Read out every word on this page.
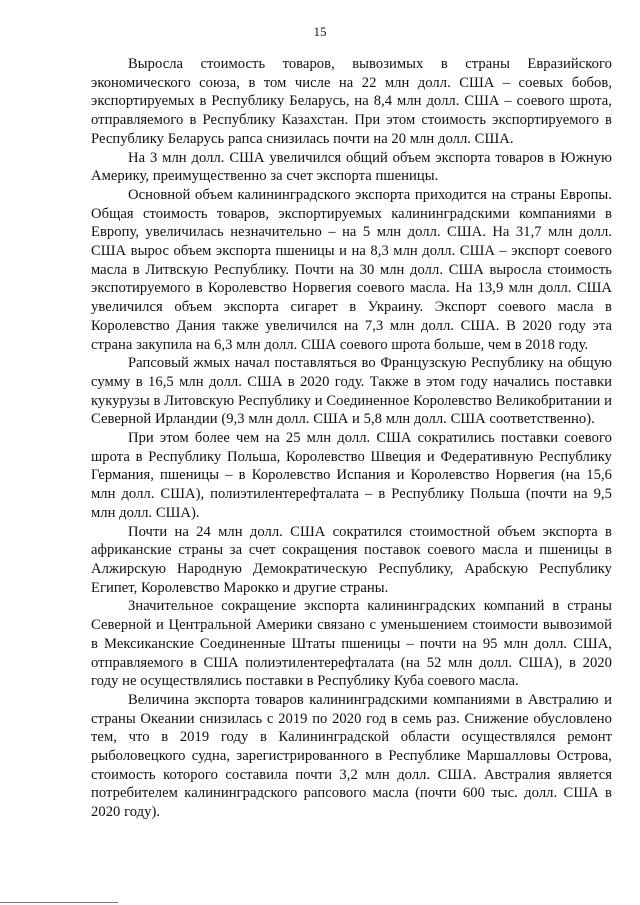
15

Выросла стоимость товаров, вывозимых в страны Евразийского экономического союза, в том числе на 22 млн долл. США – соевых бобов, экспортируемых в Республику Беларусь, на 8,4 млн долл. США – соевого шрота, отправляемого в Республику Казахстан. При этом стоимость экспортируемого в Республику Беларусь рапса снизилась почти на 20 млн долл. США.

На 3 млн долл. США увеличился общий объем экспорта товаров в Южную Америку, преимущественно за счет экспорта пшеницы.

Основной объем калининградского экспорта приходится на страны Европы. Общая стоимость товаров, экспортируемых калининградскими компаниями в Европу, увеличилась незначительно – на 5 млн долл. США. На 31,7 млн долл. США вырос объем экспорта пшеницы и на 8,3 млн долл. США – экспорт соевого масла в Литвскую Республику. Почти на 30 млн долл. США выросла стоимость экспотируемого в Королевство Норвегия соевого масла. На 13,9 млн долл. США увеличился объем экспорта сигарет в Украину. Экспорт соевого масла в Королевство Дания также увеличился на 7,3 млн долл. США. В 2020 году эта страна закупила на 6,3 млн долл. США соевого шрота больше, чем в 2018 году.

Рапсовый жмых начал поставляться во Французскую Республику на общую сумму в 16,5 млн долл. США в 2020 году. Также в этом году начались поставки кукурузы в Литовскую Республику и Соединенное Королевство Великобритании и Северной Ирландии (9,3 млн долл. США и 5,8 млн долл. США соответственно).

При этом более чем на 25 млн долл. США сократились поставки соевого шрота в Республику Польша, Королевство Швеция и Федеративную Республику Германия, пшеницы – в Королевство Испания и Королевство Норвегия (на 15,6 млн долл. США), полиэтилентерефталата – в Республику Польша (почти на 9,5 млн долл. США).

Почти на 24 млн долл. США сократился стоимостной объем экспорта в африканские страны за счет сокращения поставок соевого масла и пшеницы в Алжирскую Народную Демократическую Республику, Арабскую Республику Египет, Королевство Марокко и другие страны.

Значительное сокращение экспорта калининградских компаний в страны Северной и Центральной Америки связано с уменьшением стоимости вывозимой в Мексиканские Соединенные Штаты пшеницы – почти на 95 млн долл. США, отправляемого в США полиэтилентерефталата (на 52 млн долл. США), в 2020 году не осуществлялись поставки в Республику Куба соевого масла.

Величина экспорта товаров калининградскими компаниями в Австралию и страны Океании снизилась с 2019 по 2020 год в семь раз. Снижение обусловлено тем, что в 2019 году в Калининградской области осуществлялся ремонт рыболовецкого судна, зарегистрированного в Республике Маршалловы Острова, стоимость которого составила почти 3,2 млн долл. США. Австралия является потребителем калининградского рапсового масла (почти 600 тыс. долл. США в 2020 году).
